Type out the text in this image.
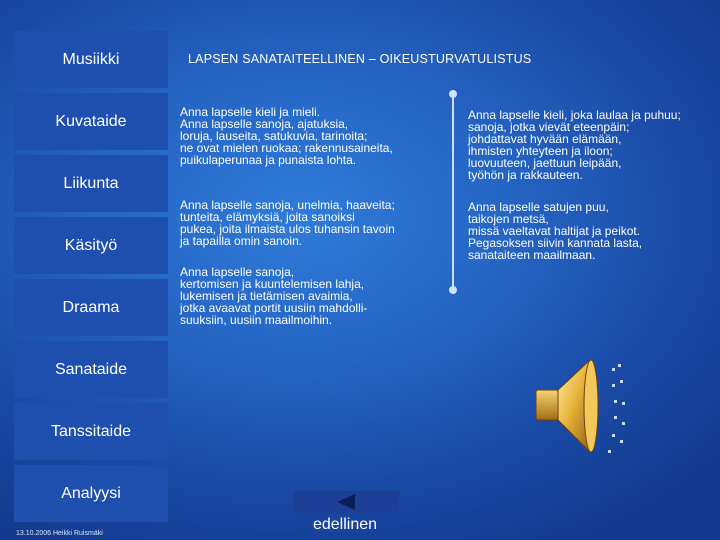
Musiikki
Kuvataide
Liikunta
Käsityö
Draama
Sanataide
Tanssitaide
Analyysi
13.10.2006 Heikki Ruismäki
LAPSEN SANATAITEELLINEN – OIKEUSTURVATULISTUS
Anna lapselle kieli ja mieli.
Anna lapselle sanoja, ajatuksia,
loruja, lauseita, satukuvia, tarinoita;
ne ovat mielen ruokaa; rakennusaineita,
puikulaperunaa ja punaista lohta.
Anna lapselle sanoja, unelmia, haaveita;
tunteita, elämyksiä, joita sanoiksi
pukea, joita ilmaista ulos tuhansin tavoin
ja tapailla omin sanoin.
Anna lapselle sanoja,
kertomisen ja kuuntelemisen lahja,
lukemisen ja tietämisen avaimia,
jotka avaavat portit uusiin mahdolli-
suuksiin, uusiin maailmoihin.
Anna lapselle kieli, joka laulaa ja puhuu;
sanoja, jotka vievät eteenpäin;
johdattavat hyvään elämään,
ihmisten yhteyteen ja iloon;
luovuuteen, jaettuun leipään,
työhön ja rakkauteen.
Anna lapselle satujen puu,
taikojen metsä,
missä vaeltavat haltijat ja peikot.
Pegasoksen siivin kannata lasta,
sanataiteen maailmaan.
edellinen
